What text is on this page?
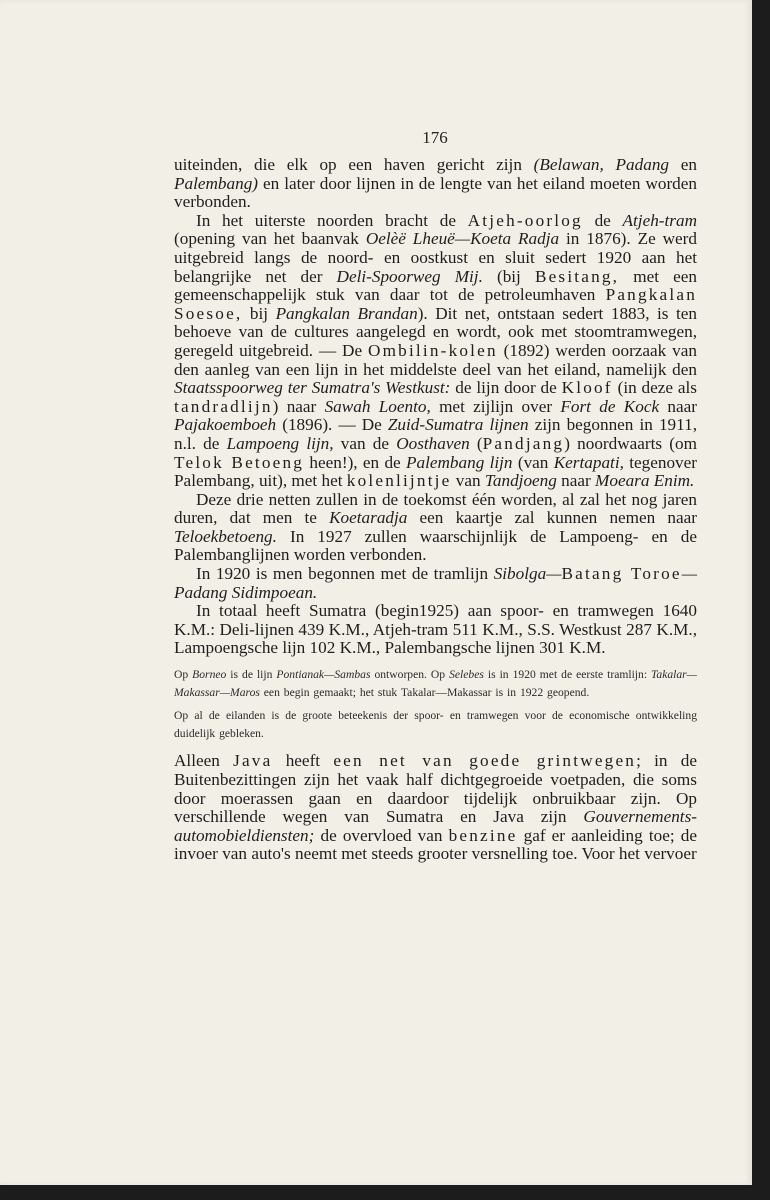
176

uiteinden, die elk op een haven gericht zijn (Belawan, Padang en Palembang) en later door lijnen in de lengte van het eiland moeten worden verbonden.

In het uiterste noorden bracht de Atjeh-oorlog de Atjeh-tram (opening van het baanvak Oelèë Lheuë—Koeta Radja in 1876). Ze werd uitgebreid langs de noord- en oostkust en sluit sedert 1920 aan het belangrijke net der Deli-Spoorweg Mij. (bij Besitang, met een gemeenschappelijk stuk van daar tot de petroleumhaven Pangkalan Soesoe, bij Pangkalan Brandan). Dit net, ontstaan sedert 1883, is ten behoeve van de cultures aangelegd en wordt, ook met stoomtramwegen, geregeld uitgebreid. — De Ombilin-kolen (1892) werden oorzaak van den aanleg van een lijn in het middelste deel van het eiland, namelijk den Staatsspoorweg ter Sumatra's Westkust: de lijn door de Kloof (in deze als tandradlijn) naar Sawah Loento, met zijlijn over Fort de Kock naar Pajakoemboeh (1896). — De Zuid-Sumatra lijnen zijn begonnen in 1911, n.l. de Lampoeng lijn, van de Oosthaven (Pandjang) noordwaarts (om Telok Betoeng heen!), en de Palembang lijn (van Kertapati, tegenover Palembang, uit), met het kolenlijntje van Tandjoeng naar Moeara Enim.

Deze drie netten zullen in de toekomst één worden, al zal het nog jaren duren, dat men te Koetaradja een kaartje zal kunnen nemen naar Teloekbetoeng. In 1927 zullen waarschijnlijk de Lampoeng- en de Palembanglijnen worden verbonden.

In 1920 is men begonnen met de tramlijn Sibolga—Batang Toroe—Padang Sidimpoean.

In totaal heeft Sumatra (begin1925) aan spoor- en tramwegen 1640 K.M.: Deli-lijnen 439 K.M., Atjeh-tram 511 K.M., S.S. Westkust 287 K.M., Lampoengsche lijn 102 K.M., Palembangsche lijnen 301 K.M.

Op Borneo is de lijn Pontianak—Sambas ontworpen. Op Selebes is in 1920 met de eerste tramlijn: Takalar—Makassar—Maros een begin gemaakt; het stuk Takalar—Makassar is in 1922 geopend.

Op al de eilanden is de groote beteekenis der spoor- en tramwegen voor de economische ontwikkeling duidelijk gebleken.

Alleen Java heeft een net van goede grintwegen; in de Buitenbezittingen zijn het vaak half dichtgegroeide voetpaden, die soms door moerassen gaan en daardoor tijdelijk onbruikbaar zijn. Op verschillende wegen van Sumatra en Java zijn Gouvernements-automobieldiensten; de overvloed van benzine gaf er aanleiding toe; de invoer van auto's neemt met steeds grooter versnelling toe. Voor het vervoer
